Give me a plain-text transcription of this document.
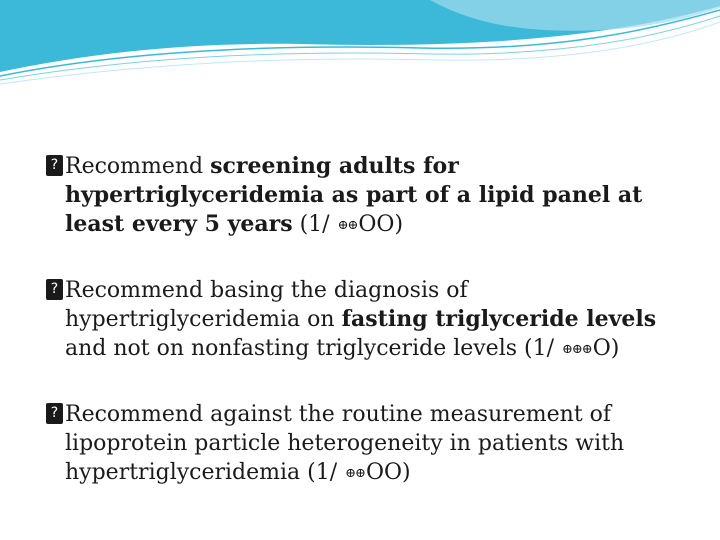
? Recommend screening adults for hypertriglyceridemia as part of a lipid panel at least every 5 years (1/ ⊕⊕OO)
? Recommend basing the diagnosis of hypertriglyceridemia on fasting triglyceride levels and not on nonfasting triglyceride levels (1/ ⊕⊕⊕O)
? Recommend against the routine measurement of lipoprotein particle heterogeneity in patients with hypertriglyceridemia (1/ ⊕⊕OO)
